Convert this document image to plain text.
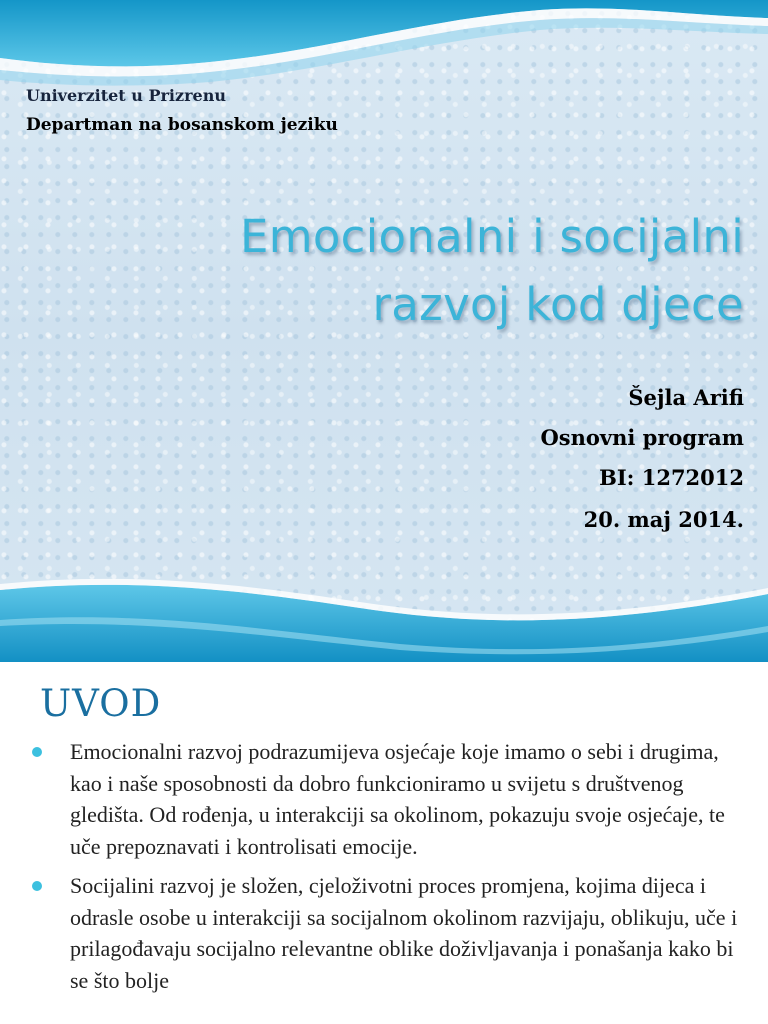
Univerzitet u Prizrenu
Departman na bosanskom jeziku
Emocionalni i socijalni
razvoj kod djece
Šejla Arifi
Osnovni program
BI: 1272012
20. maj 2014.
UVOD
Emocionalni razvoj podrazumijeva osjećaje koje imamo o sebi i drugima, kao i naše sposobnosti da dobro funkcioniramo u svijetu s društvenog gledišta. Od rođenja, u interakciji sa okolinom, pokazuju svoje osjećaje, te uče prepoznavati i kontrolisati emocije.
Socijalini razvoj je složen, cjeloživotni proces promjena, kojima dijeca i odrasle osobe u interakciji sa socijalnom okolinom razvijaju, oblikuju, uče i prilagođavaju socijalno relevantne oblike doživljavanja i ponašanja kako bi se što bolje
